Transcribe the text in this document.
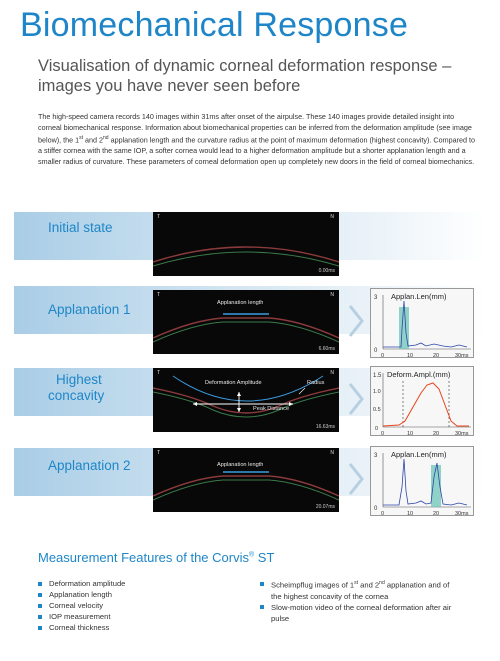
Biomechanical Response
Visualisation of dynamic corneal deformation response – images you have never seen before
The high-speed camera records 140 images within 31ms after onset of the airpulse. These 140 images provide detailed insight into corneal biomechanical response. Information about biomechanical properties can be inferred from the deformation amplitude (see image below), the 1st and 2nd applanation length and the curvature radius at the point of maximum deformation (highest concavity). Compared to a stiffer cornea with the same IOP, a softer cornea would lead to a higher deformation amplitude but a shorter applanation length and a smaller radius of curvature. These parameters of corneal deformation open up completely new doors in the field of corneal biomechanics.
Initial state
T	N
0.00ms
Applanation 1
T	N
Applanation length
6.60ms
3
0
Applan.Len(mm)
0	10	20	30ms
Highest
concavity
T	N
Deformation Amplitude	Radius
Peak Distance
16.63ms
1.5
1.0
0.5
0
Deform.Ampl.(mm)
0	10	20	30ms
Applanation 2
T	N
Applanation length
20.07ms
3
0
Applan.Len(mm)
0	10	20	30ms
Measurement Features of the Corvis® ST
Deformation amplitude
Applanation length
Corneal velocity
IOP measurement
Corneal thickness
Scheimpflug images of 1st and 2nd applanation and of the highest concavity of the cornea
Slow-motion video of the corneal deformation after air pulse
